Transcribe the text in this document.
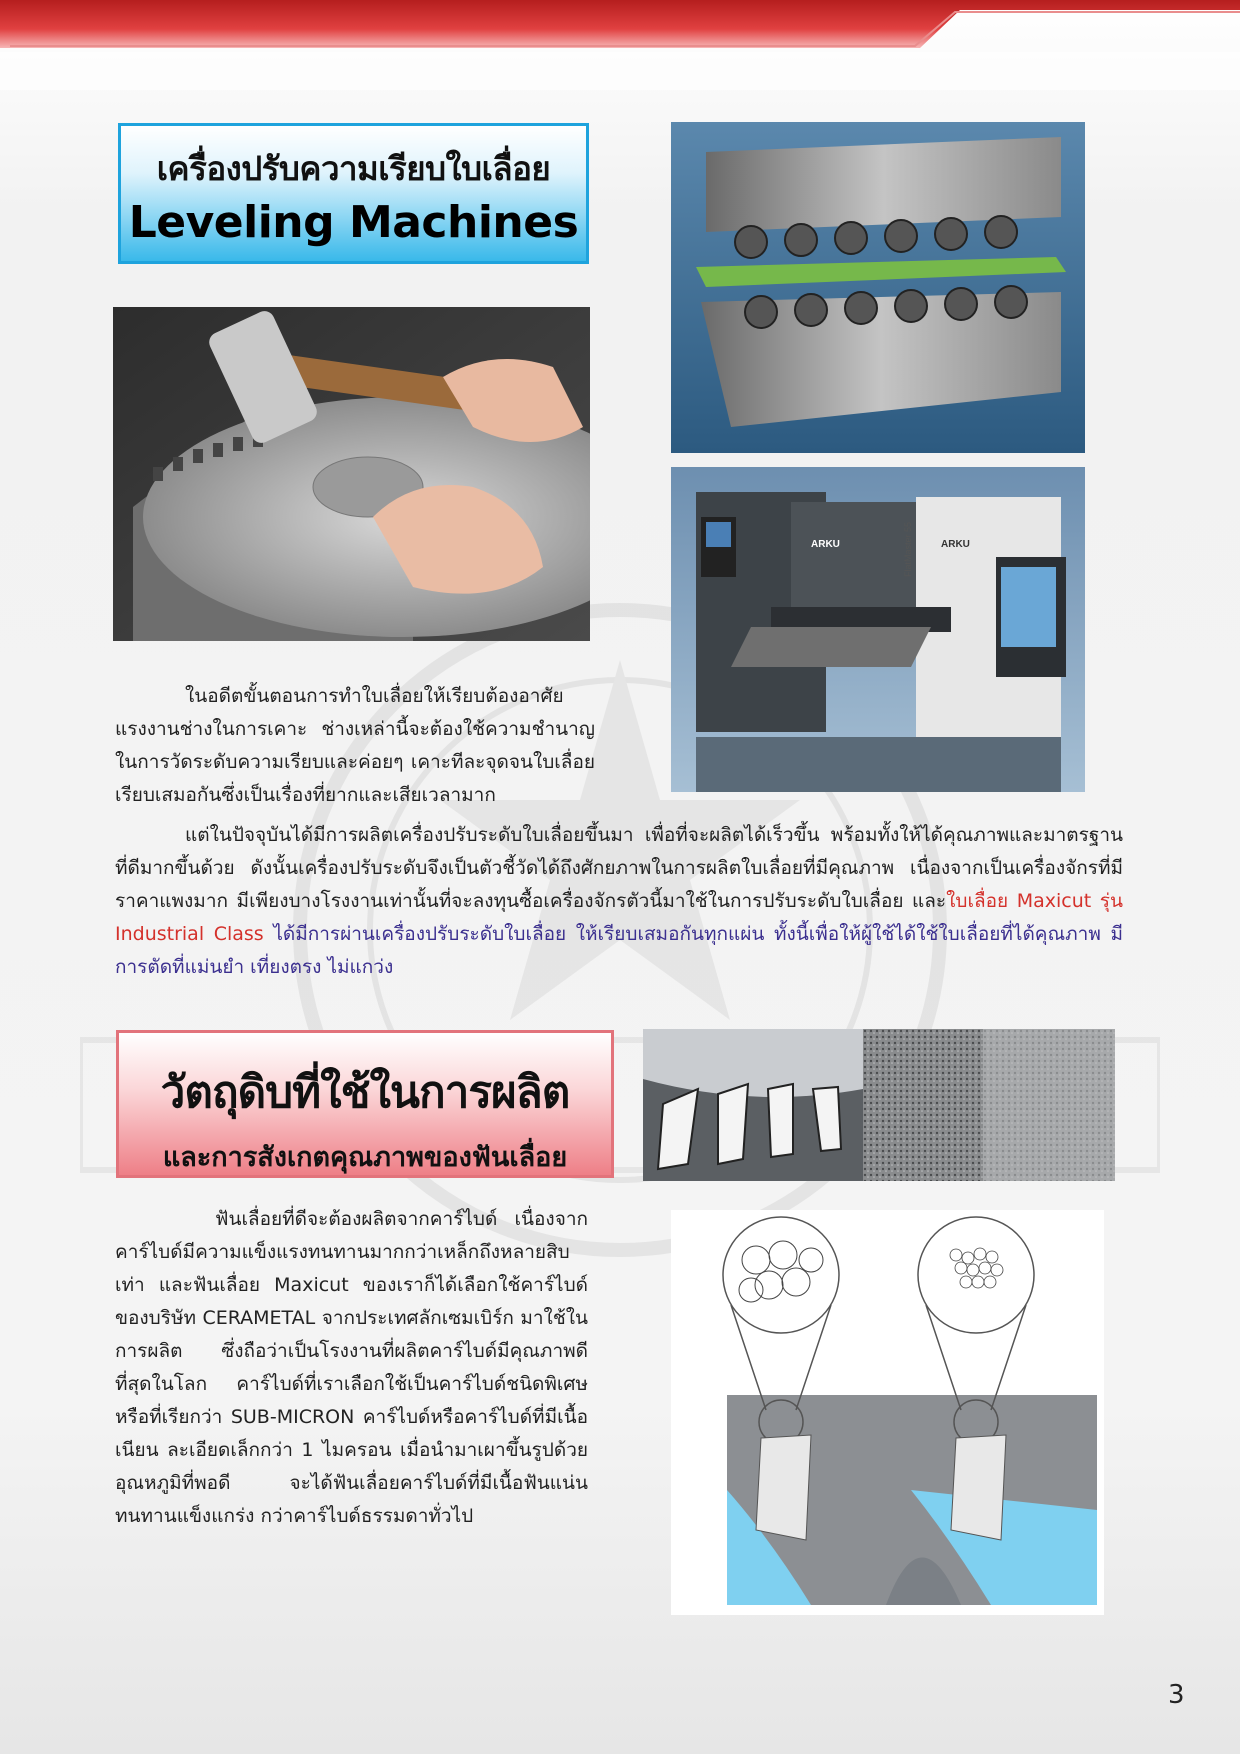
เครื่องปรับความเรียบใบเลื่อย
Leveling Machines
ARKU	ARKU
FlatMaster 55
ในอดีตขั้นตอนการทำใบเลื่อยให้เรียบต้องอาศัยแรงงานช่างในการเคาะ ช่างเหล่านี้จะต้องใช้ความชำนาญในการวัดระดับความเรียบและค่อยๆ เคาะทีละจุดจนใบเลื่อยเรียบเสมอกันซึ่งเป็นเรื่องที่ยากและเสียเวลามาก
แต่ในปัจจุบันได้มีการผลิตเครื่องปรับระดับใบเลื่อยขึ้นมา เพื่อที่จะผลิตได้เร็วขึ้น พร้อมทั้งให้ได้คุณภาพและมาตรฐานที่ดีมากขึ้นด้วย ดังนั้นเครื่องปรับระดับจึงเป็นตัวชี้วัดได้ถึงศักยภาพในการผลิตใบเลื่อยที่มีคุณภาพ เนื่องจากเป็นเครื่องจักรที่มีราคาแพงมาก มีเพียงบางโรงงานเท่านั้นที่จะลงทุนซื้อเครื่องจักรตัวนี้มาใช้ในการปรับระดับใบเลื่อย และใบเลื่อย Maxicut รุ่น Industrial Class ได้มีการผ่านเครื่องปรับระดับใบเลื่อย ให้เรียบเสมอกันทุกแผ่น ทั้งนี้เพื่อให้ผู้ใช้ได้ใช้ใบเลื่อยที่ได้คุณภาพ มีการตัดที่แม่นยำ เที่ยงตรง ไม่แกว่ง
วัตถุดิบที่ใช้ในการผลิต
และการสังเกตคุณภาพของฟันเลื่อย
ฟันเลื่อยที่ดีจะต้องผลิตจากคาร์ไบด์ เนื่องจากคาร์ไบด์มีความแข็งแรงทนทานมากกว่าเหล็กถึงหลายสิบเท่า และฟันเลื่อย Maxicut ของเราก็ได้เลือกใช้คาร์ไบด์ของบริษัท CERAMETAL จากประเทศลักเซมเบิร์ก มาใช้ในการผลิต ซึ่งถือว่าเป็นโรงงานที่ผลิตคาร์ไบด์มีคุณภาพดีที่สุดในโลก คาร์ไบด์ที่เราเลือกใช้เป็นคาร์ไบด์ชนิดพิเศษหรือที่เรียกว่า SUB-MICRON คาร์ไบด์หรือคาร์ไบด์ที่มีเนื้อเนียน ละเอียดเล็กกว่า 1 ไมครอน เมื่อนำมาเผาขึ้นรูปด้วยอุณหภูมิที่พอดี จะได้ฟันเลื่อยคาร์ไบด์ที่มีเนื้อฟันแน่น ทนทานแข็งแกร่ง กว่าคาร์ไบด์ธรรมดาทั่วไป
3
